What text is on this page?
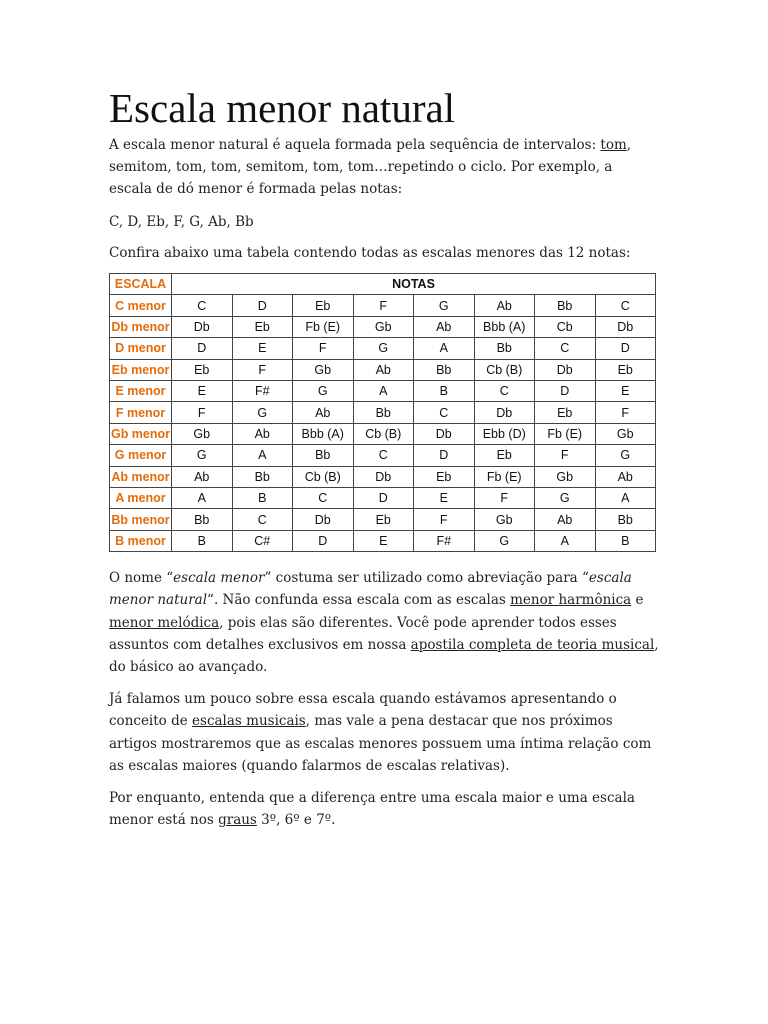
Escala menor natural

A escala menor natural é aquela formada pela sequência de intervalos: tom, semitom, tom, tom, semitom, tom, tom…repetindo o ciclo. Por exemplo, a escala de dó menor é formada pelas notas:

C, D, Eb, F, G, Ab, Bb

Confira abaixo uma tabela contendo todas as escalas menores das 12 notas:

ESCALA	NOTAS							
C menor	C	D	Eb	F	G	Ab	Bb	C
Db menor	Db	Eb	Fb (E)	Gb	Ab	Bbb (A)	Cb	Db
D menor	D	E	F	G	A	Bb	C	D
Eb menor	Eb	F	Gb	Ab	Bb	Cb (B)	Db	Eb
E menor	E	F#	G	A	B	C	D	E
F menor	F	G	Ab	Bb	C	Db	Eb	F
Gb menor	Gb	Ab	Bbb (A)	Cb (B)	Db	Ebb (D)	Fb (E)	Gb
G menor	G	A	Bb	C	D	Eb	F	G
Ab menor	Ab	Bb	Cb (B)	Db	Eb	Fb (E)	Gb	Ab
A menor	A	B	C	D	E	F	G	A
Bb menor	Bb	C	Db	Eb	F	Gb	Ab	Bb
B menor	B	C#	D	E	F#	G	A	B

O nome “escala menor” costuma ser utilizado como abreviação para “escala menor natural“. Não confunda essa escala com as escalas menor harmônica e menor melódica, pois elas são diferentes. Você pode aprender todos esses assuntos com detalhes exclusivos em nossa apostila completa de teoria musical, do básico ao avançado.

Já falamos um pouco sobre essa escala quando estávamos apresentando o conceito de escalas musicais, mas vale a pena destacar que nos próximos artigos mostraremos que as escalas menores possuem uma íntima relação com as escalas maiores (quando falarmos de escalas relativas).

Por enquanto, entenda que a diferença entre uma escala maior e uma escala menor está nos graus 3º, 6º e 7º.
